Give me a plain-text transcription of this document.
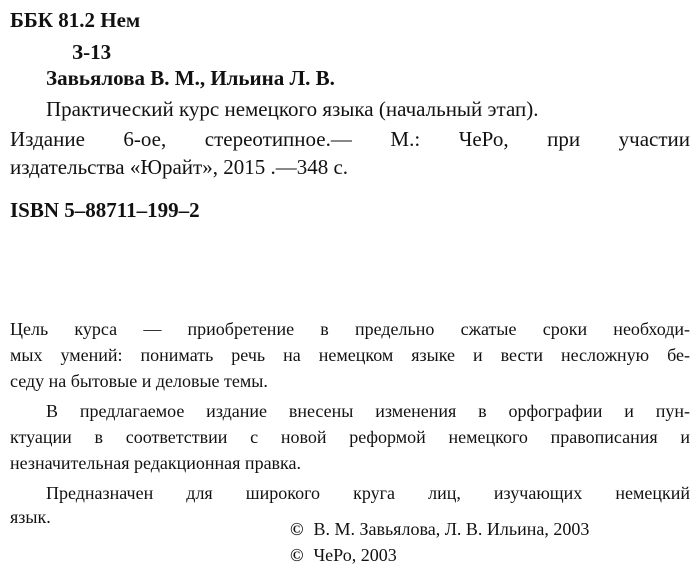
ББК 81.2 Нем
З-13
Завьялова В. М., Ильина Л. В.
Практический курс немецкого языка (начальный этап).
Издание 6-ое, стереотипное.— М.: ЧеРо, при участии
издательства «Юрайт», 2015 .—348 с.
ISBN 5–88711–199–2
Цель курса — приобретение в предельно сжатые сроки необходи-
мых умений: понимать речь на немецком языке и вести несложную бе-
седу на бытовые и деловые темы.
В предлагаемое издание внесены изменения в орфографии и пун-
ктуации в соответствии с новой реформой немецкого правописания и
незначительная редакционная правка.
Предназначен для широкого круга лиц, изучающих немецкий
язык.
© В. М. Завьялова, Л. В. Ильина, 2003
© ЧеРо, 2003
